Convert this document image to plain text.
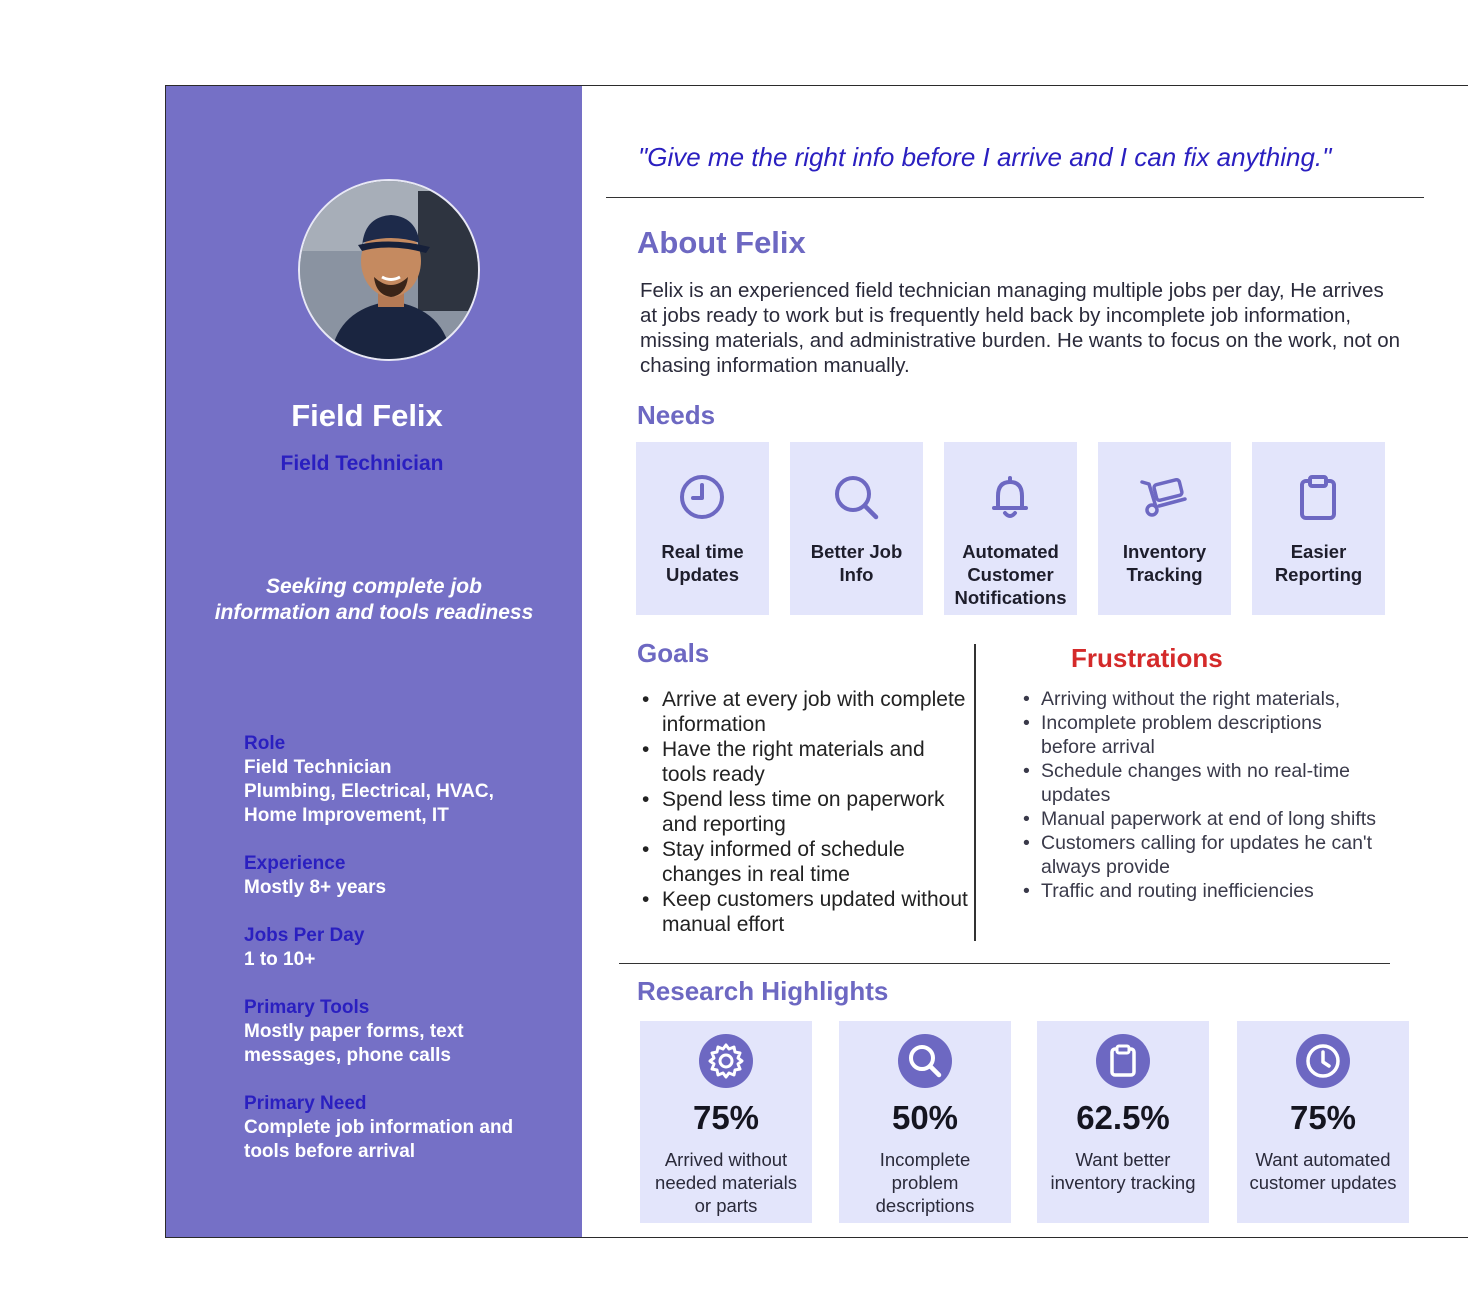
Field Felix
Field Technician
Seeking complete job
information and tools readiness
Role
Field Technician
Plumbing, Electrical, HVAC,
Home Improvement, IT
Experience
Mostly 8+ years
Jobs Per Day
1 to 10+
Primary Tools
Mostly paper forms, text
messages, phone calls
Primary Need
Complete job information and
tools before arrival
"Give me the right info before I arrive and I can fix anything."
About Felix
Felix is an experienced field technician managing multiple jobs per day, He arrives at jobs ready to work but is frequently held back by incomplete job information, missing materials, and administrative burden. He wants to focus on the work, not on chasing information manually.
Needs
Real time
Updates
Better Job
Info
Automated
Customer
Notifications
Inventory
Tracking
Easier
Reporting
Goals
• Arrive at every job with complete information
• Have the right materials and tools ready
• Spend less time on paperwork and reporting
• Stay informed of schedule changes in real time
• Keep customers updated without manual effort
Frustrations
• Arriving without the right materials,
• Incomplete problem descriptions before arrival
• Schedule changes with no real-time updates
• Manual paperwork at end of long shifts
• Customers calling for updates he can't always provide
• Traffic and routing inefficiencies
Research Highlights
75%
Arrived without
needed materials
or parts
50%
Incomplete
problem
descriptions
62.5%
Want better
inventory tracking
75%
Want automated
customer updates
